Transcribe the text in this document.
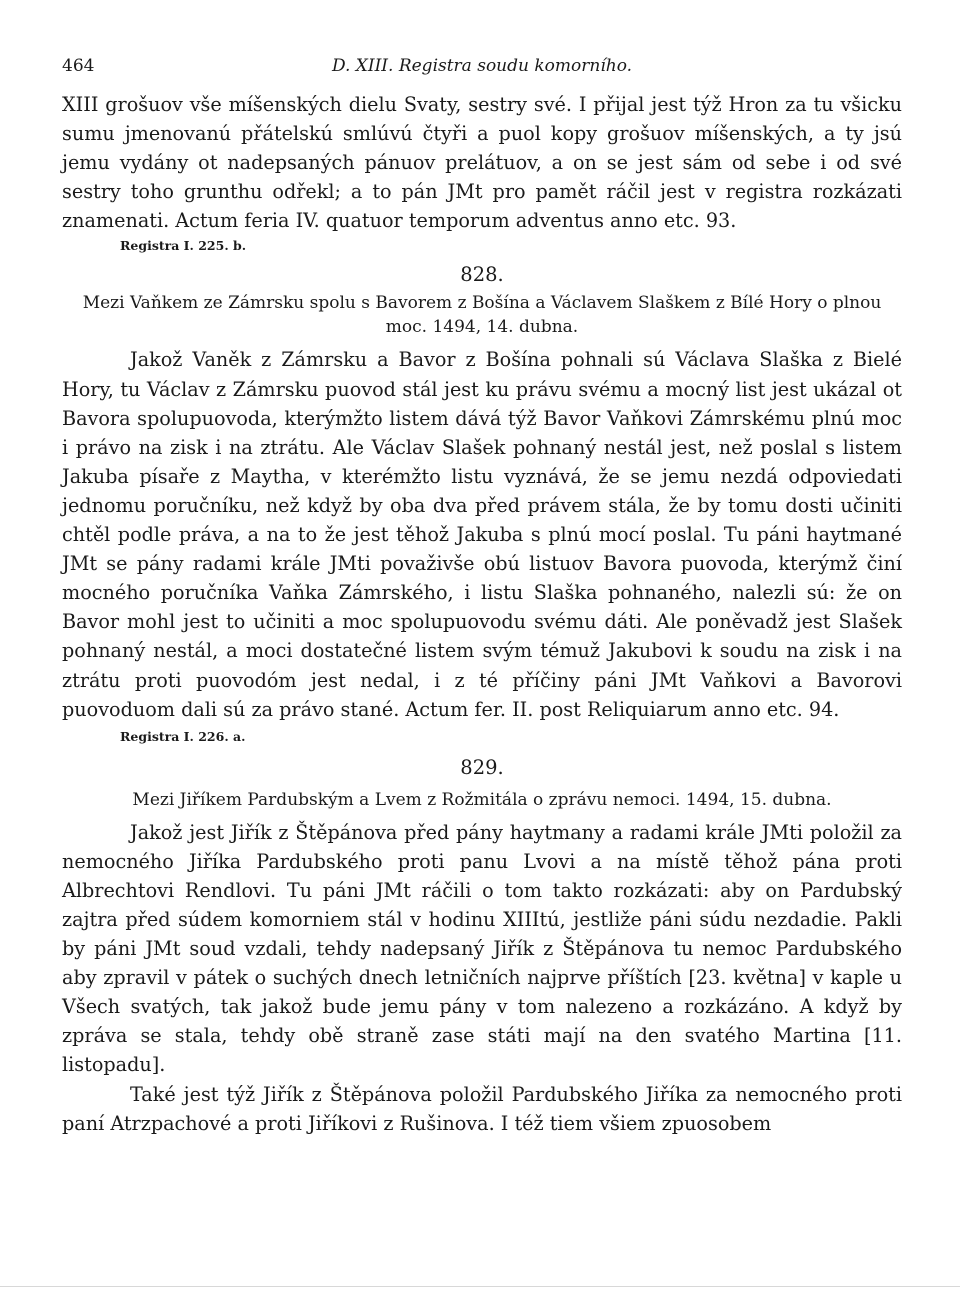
464	D. XIII. Registra soudu komorního.

XIII grošuov vše míšenských dielu Svaty, sestry své. I přijal jest týž Hron za tu všicku sumu jmenovanú přátelskú smlúvú čtyři a puol kopy grošuov míšenských, a ty jsú jemu vydány ot nadepsaných pánuov prelátuov, a on se jest sám od sebe i od své sestry toho grunthu odřekl; a to pán JMt pro pamět ráčil jest v registra rozkázati znamenati. Actum feria IV. quatuor temporum adventus anno etc. 93.

Registra I. 225. b.

828.

Mezi Vaňkem ze Zámrsku spolu s Bavorem z Bošína a Václavem Slaškem z Bílé Hory o plnou moc. 1494, 14. dubna.

Jakož Vaněk z Zámrsku a Bavor z Bošína pohnali sú Václava Slaška z Bielé Hory, tu Václav z Zámrsku puovod stál jest ku právu svému a mocný list jest ukázal ot Bavora spolupuovoda, kterýmžto listem dává týž Bavor Vaňkovi Zámrskému plnú moc i právo na zisk i na ztrátu. Ale Václav Slašek pohnaný nestál jest, než poslal s listem Jakuba písaře z Maytha, v kterémžto listu vyznává, že se jemu nezdá odpoviedati jednomu poručníku, než když by oba dva před právem stála, že by tomu dosti učiniti chtěl podle práva, a na to že jest těhož Jakuba s plnú mocí poslal. Tu páni haytmané JMt se pány radami krále JMti považivše obú listuov Bavora puovoda, kterýmž činí mocného poručníka Vaňka Zámrského, i listu Slaška pohnaného, nalezli sú: že on Bavor mohl jest to učiniti a moc spolupuovodu svému dáti. Ale poněvadž jest Slašek pohnaný nestál, a moci dostatečné listem svým témuž Jakubovi k soudu na zisk i na ztrátu proti puovodóm jest nedal, i z té příčiny páni JMt Vaňkovi a Bavorovi puovoduom dali sú za právo stané. Actum fer. II. post Reliquiarum anno etc. 94.

Registra I. 226. a.

829.

Mezi Jiříkem Pardubským a Lvem z Rožmitála o zprávu nemoci. 1494, 15. dubna.

Jakož jest Jiřík z Štěpánova před pány haytmany a radami krále JMti položil za nemocného Jiříka Pardubského proti panu Lvovi a na místě těhož pána proti Albrechtovi Rendlovi. Tu páni JMt ráčili o tom takto rozkázati: aby on Pardubský zajtra před súdem komorniem stál v hodinu XIIItú, jestliže páni súdu nezdadie. Pakli by páni JMt soud vzdali, tehdy nadepsaný Jiřík z Štěpánova tu nemoc Pardubského aby zpravil v pátek o suchých dnech letničních najprve příštích [23. května] v kaple u Všech svatých, tak jakož bude jemu pány v tom nalezeno a rozkázáno. A když by zpráva se stala, tehdy obě straně zase státi mají na den svatého Martina [11. listopadu].

Také jest týž Jiřík z Štěpánova položil Pardubského Jiříka za nemocného proti paní Atrzpachové a proti Jiříkovi z Rušinova. I též tiem všiem zpuosobem
